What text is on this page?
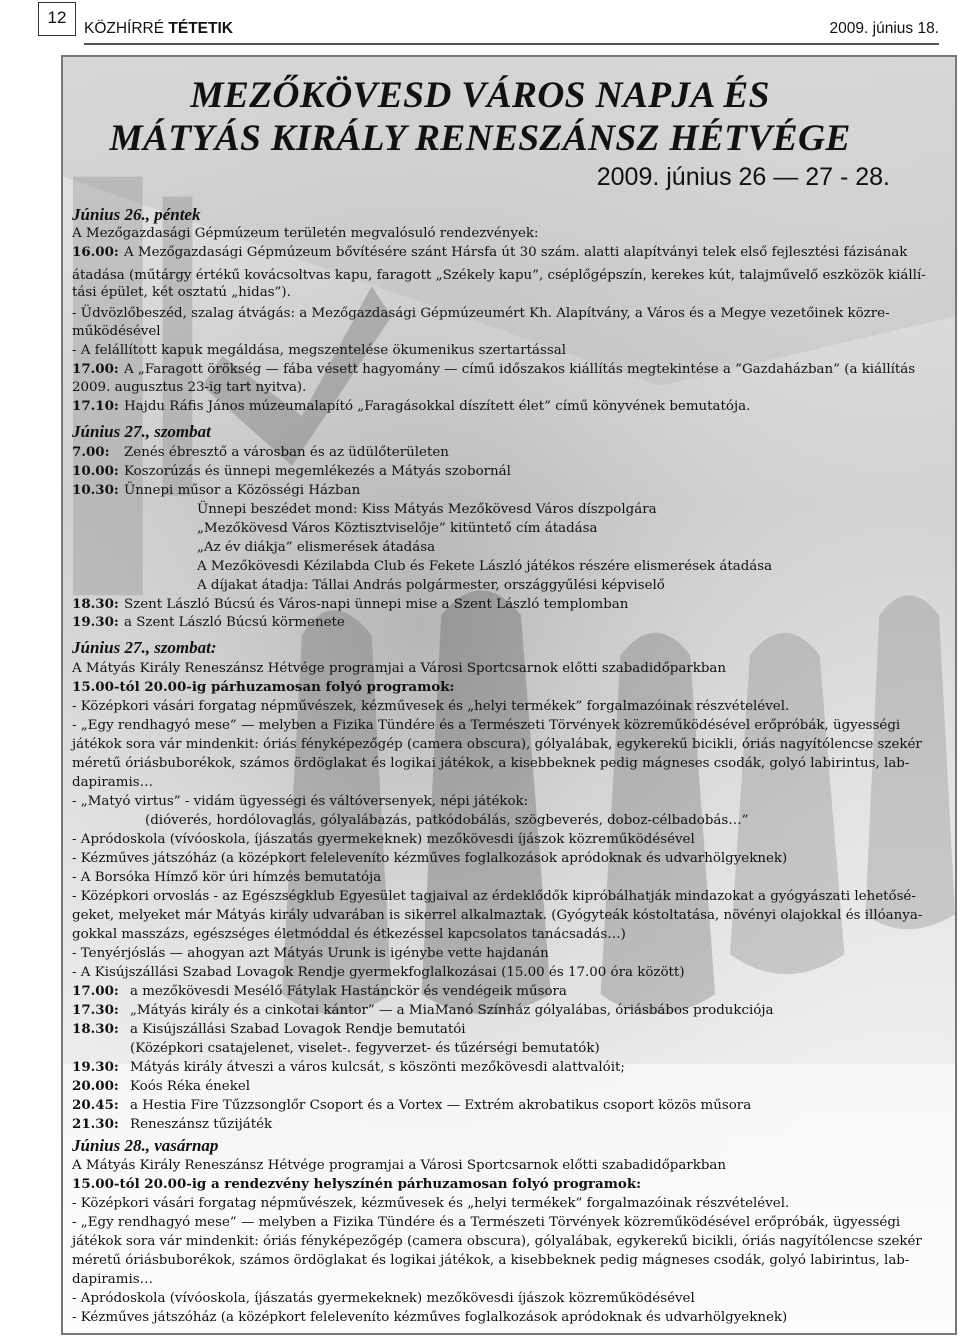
12
KÖZHÍRRÉ TÉTETIK	2009. június 18.
MEZŐKÖVESD VÁROS NAPJA ÉS
MÁTYÁS KIRÁLY RENESZÁNSZ HÉTVÉGE
2009. június 26 — 27 - 28.
Június 26., péntek
A Mezőgazdasági Gépmúzeum területén megvalósuló rendezvények:
16.00: A Mezőgazdasági Gépmúzeum bővítésére szánt Hársfa út 30 szám. alatti alapítványi telek első fejlesztési fázisának
átadása (műtárgy értékű kovácsoltvas kapu, faragott „Székely kapu”, cséplőgépszín, kerekes kút, talajművelő eszközök kiállí-
tási épület, két osztatú „hidas”).
- Üdvözlőbeszéd, szalag átvágás: a Mezőgazdasági Gépmúzeumért Kh. Alapítvány, a Város és a Megye vezetőinek közre-
működésével
- A felállított kapuk megáldása, megszentelése ökumenikus szertartással
17.00: A „Faragott örökség — fába vésett hagyomány — című időszakos kiállítás megtekintése a ”Gazdaházban” (a kiállítás
2009. augusztus 23-ig tart nyitva).
17.10: Hajdu Ráfis János múzeumalapító „Faragásokkal díszített élet” című könyvének bemutatója.
Június 27., szombat
7.00: Zenés ébresztő a városban és az üdülőterületen
10.00: Koszorúzás és ünnepi megemlékezés a Mátyás szobornál
10.30: Ünnepi műsor a Közösségi Házban
Ünnepi beszédet mond: Kiss Mátyás Mezőkövesd Város díszpolgára
„Mezőkövesd Város Köztisztviselője” kitüntető cím átadása
„Az év diákja” elismerések átadása
A Mezőkövesdi Kézilabda Club és Fekete László játékos részére elismerések átadása
A díjakat átadja: Tállai András polgármester, országgyűlési képviselő
18.30: Szent László Búcsú és Város-napi ünnepi mise a Szent László templomban
19.30: a Szent László Búcsú körmenete
Június 27., szombat:
A Mátyás Király Reneszánsz Hétvége programjai a Városi Sportcsarnok előtti szabadidőparkban
15.00-tól 20.00-ig párhuzamosan folyó programok:
- Középkori vásári forgatag népművészek, kézművesek és „helyi termékek” forgalmazóinak részvételével.
- „Egy rendhagyó mese” — melyben a Fizika Tündére és a Természeti Törvények közreműködésével erőpróbák, ügyességi
játékok sora vár mindenkit: óriás fényképezőgép (camera obscura), gólyalábak, egykerekű bicikli, óriás nagyítólencse szekér
méretű óriásbuborékok, számos ördöglakat és logikai játékok, a kisebbeknek pedig mágneses csodák, golyó labirintus, lab-
dapiramis…
- „Matyó virtus” - vidám ügyességi és váltóversenyek, népi játékok:
(dióverés, hordólovaglás, gólyalábazás, patkódobálás, szögbeverés, doboz-célbadobás…”
- Apródoskola (vívóoskola, íjászatás gyermekeknek) mezőkövesdi íjászok közreműködésével
- Kézműves játszóház (a középkort feleleveníto kézműves foglalkozások apródoknak és udvarhölgyeknek)
- A Borsóka Hímző kör úri hímzés bemutatója
- Középkori orvoslás - az Egészségklub Egyesület tagjaival az érdeklődők kipróbálhatják mindazokat a gyógyászati lehetősé-
geket, melyeket már Mátyás király udvarában is sikerrel alkalmaztak. (Gyógyteák kóstoltatása, növényi olajokkal és illóanya-
gokkal masszázs, egészséges életmóddal és étkezéssel kapcsolatos tanácsadás…)
- Tenyérjóslás — ahogyan azt Mátyás Urunk is igénybe vette hajdanán
- A Kisújszállási Szabad Lovagok Rendje gyermekfoglalkozásai (15.00 és 17.00 óra között)
17.00: a mezőkövesdi Mesélő Fátylak Hastánckör és vendégeik műsora
17.30: „Mátyás király és a cinkotai kántor” — a MiaManó Színház gólyalábas, óriásbábos produkciója
18.30: a Kisújszállási Szabad Lovagok Rendje bemutatói
(Középkori csatajelenet, viselet-. fegyverzet- és tűzérségi bemutatók)
19.30: Mátyás király átveszi a város kulcsát, s köszönti mezőkövesdi alattvalóit;
20.00: Koós Réka énekel
20.45: a Hestia Fire Tűzzsonglőr Csoport és a Vortex — Extrém akrobatikus csoport közös műsora
21.30: Reneszánsz tűzijáték
Június 28., vasárnap
A Mátyás Király Reneszánsz Hétvége programjai a Városi Sportcsarnok előtti szabadidőparkban
15.00-tól 20.00-ig a rendezvény helyszínén párhuzamosan folyó programok:
- Középkori vásári forgatag népművészek, kézművesek és „helyi termékek” forgalmazóinak részvételével.
- „Egy rendhagyó mese” — melyben a Fizika Tündére és a Természeti Törvények közreműködésével erőpróbák, ügyességi
játékok sora vár mindenkit: óriás fényképezőgép (camera obscura), gólyalábak, egykerekű bicikli, óriás nagyítólencse szekér
méretű óriásbuborékok, számos ördöglakat és logikai játékok, a kisebbeknek pedig mágneses csodák, golyó labirintus, lab-
dapiramis…
- Apródoskola (vívóoskola, íjászatás gyermekeknek) mezőkövesdi íjászok közreműködésével
- Kézműves játszóház (a középkort feleleveníto kézműves foglalkozások apródoknak és udvarhölgyeknek)
